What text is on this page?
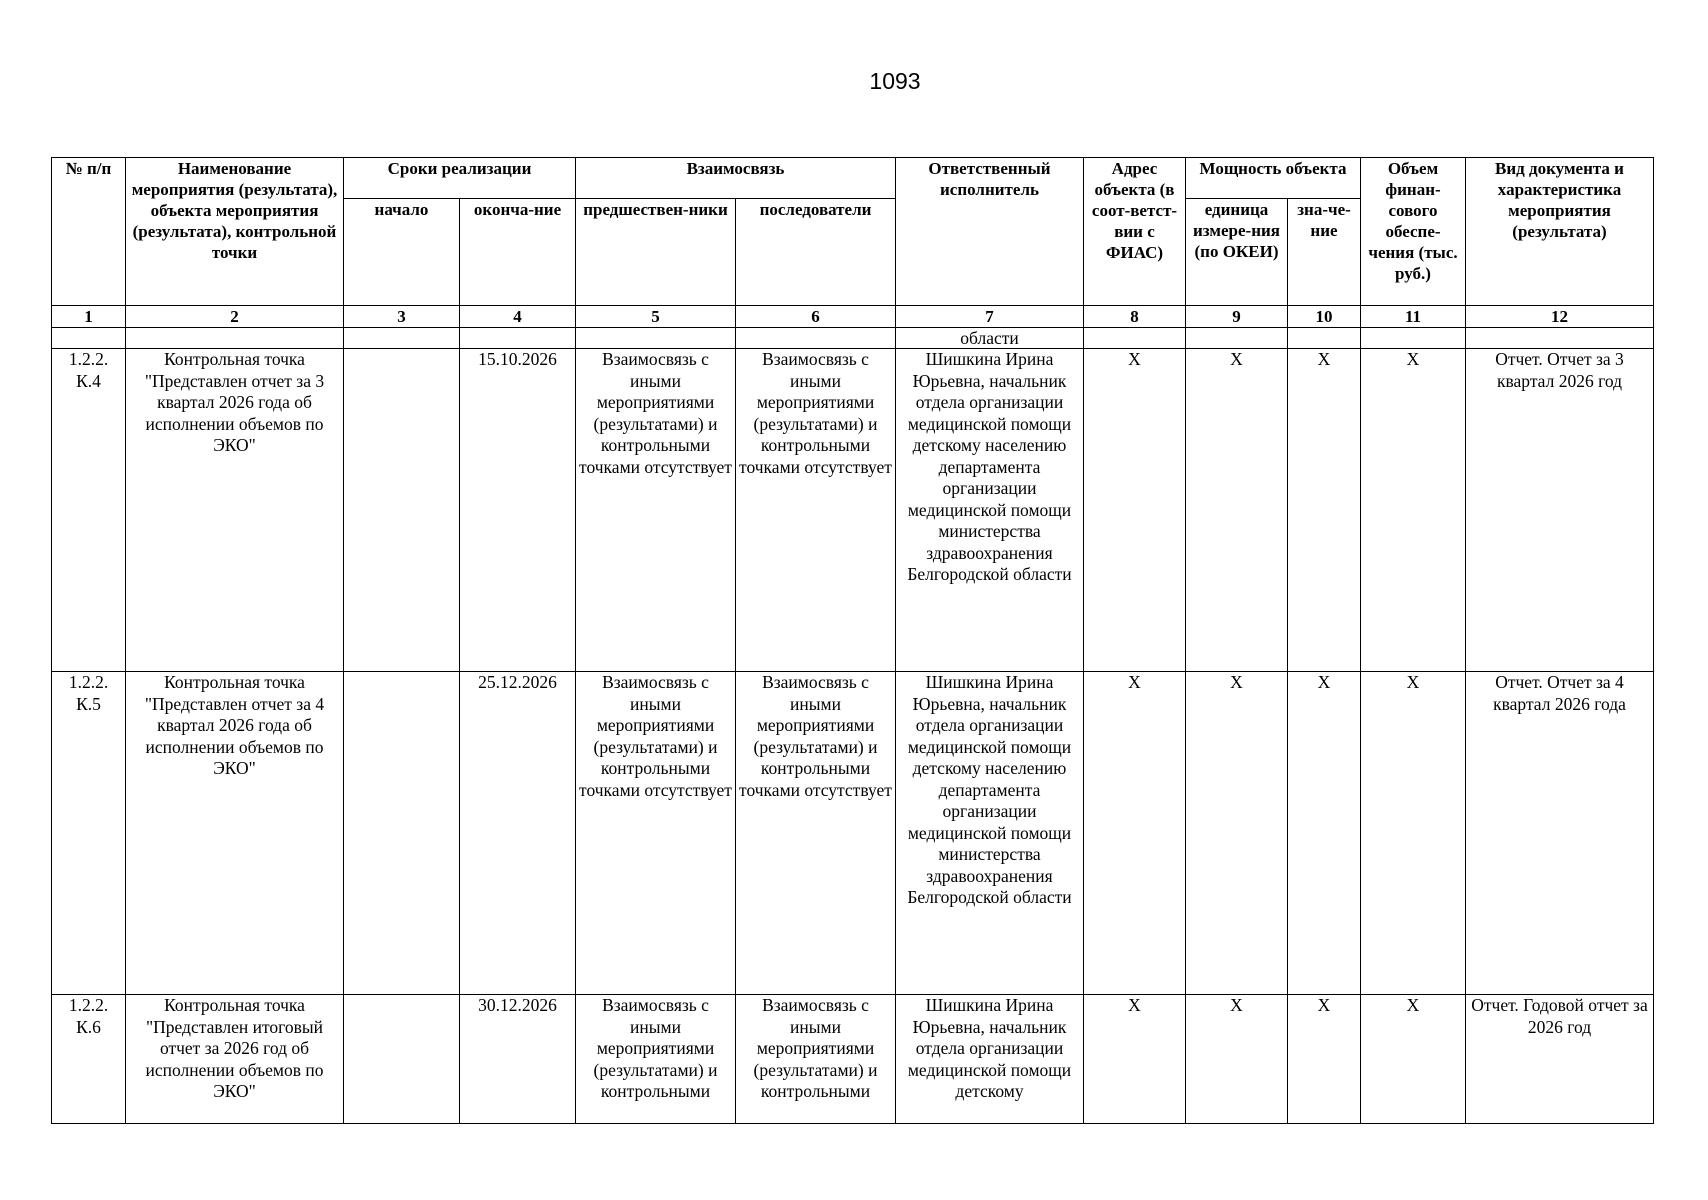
1093
№ п/п	Наименование мероприятия (результата), объекта мероприятия (результата), контрольной точки	Сроки реализации		Взаимосвязь		Ответственный исполнитель	Адрес объекта (в соот-ветст-вии с ФИАС)	Мощность объекта		Объем финан-сового обеспе-чения (тыс. руб.)	Вид документа и характеристика мероприятия (результата)
		начало	оконча-ние	предшествен-ники	последователи			единица измере-ния (по ОКЕИ)	зна-че-ние		
1	2	3	4	5	6	7	8	9	10	11	12
						области					
1.2.2. К.4	Контрольная точка "Представлен отчет за 3 квартал 2026 года об исполнении объемов по ЭКО"		15.10.2026	Взаимосвязь с иными мероприятиями (результатами) и контрольными точками отсутствует	Взаимосвязь с иными мероприятиями (результатами) и контрольными точками отсутствует	Шишкина Ирина Юрьевна, начальник отдела организации медицинской помощи детскому населению департамента организации медицинской помощи министерства здравоохранения Белгородской области	X	X	X	X	Отчет. Отчет за 3 квартал 2026 год
1.2.2. К.5	Контрольная точка "Представлен отчет за 4 квартал 2026 года об исполнении объемов по ЭКО"		25.12.2026	Взаимосвязь с иными мероприятиями (результатами) и контрольными точками отсутствует	Взаимосвязь с иными мероприятиями (результатами) и контрольными точками отсутствует	Шишкина Ирина Юрьевна, начальник отдела организации медицинской помощи детскому населению департамента организации медицинской помощи министерства здравоохранения Белгородской области	X	X	X	X	Отчет. Отчет за 4 квартал 2026 года
1.2.2. К.6	Контрольная точка "Представлен итоговый отчет за 2026 год об исполнении объемов по ЭКО"		30.12.2026	Взаимосвязь с иными мероприятиями (результатами) и контрольными	Взаимосвязь с иными мероприятиями (результатами) и контрольными	Шишкина Ирина Юрьевна, начальник отдела организации медицинской помощи детскому	X	X	X	X	Отчет. Годовой отчет за 2026 год
